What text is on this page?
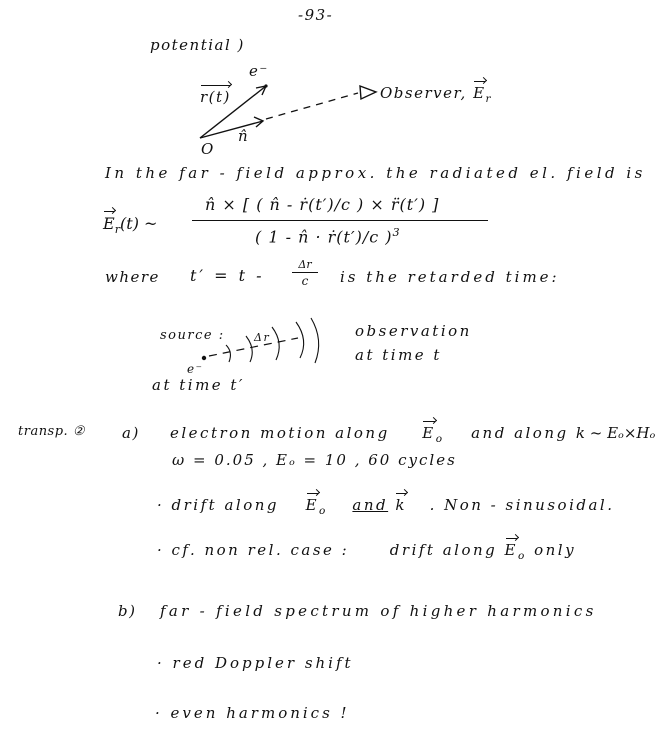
-93-
potential )
e⁻
r(t)
n̂
O
Observer, $E_r$
In the far - field approx. the radiated el. field is
$E_r(t)$ ~
n̂ × [ ( n̂ - ṙ(t′)/c ) × r̈(t′) ]
( 1 - n̂ · ṙ(t′)/c )$^3$
where t′ = t -
Δr
c	is the retarded time:
source :	Δr
e⁻
at time t′
observation
at time t
transp. ② a) electron motion along $E_o$ and along k ~ Eₒ×Hₒ
ω = 0.05 , Eₒ = 10 , 60 cycles
· drift along $E_o$ and k . Non - sinusoidal.
· cf. non rel. case :	drift along $E_o$ only
b) far - field spectrum of higher harmonics
· red Doppler shift
· even harmonics !
